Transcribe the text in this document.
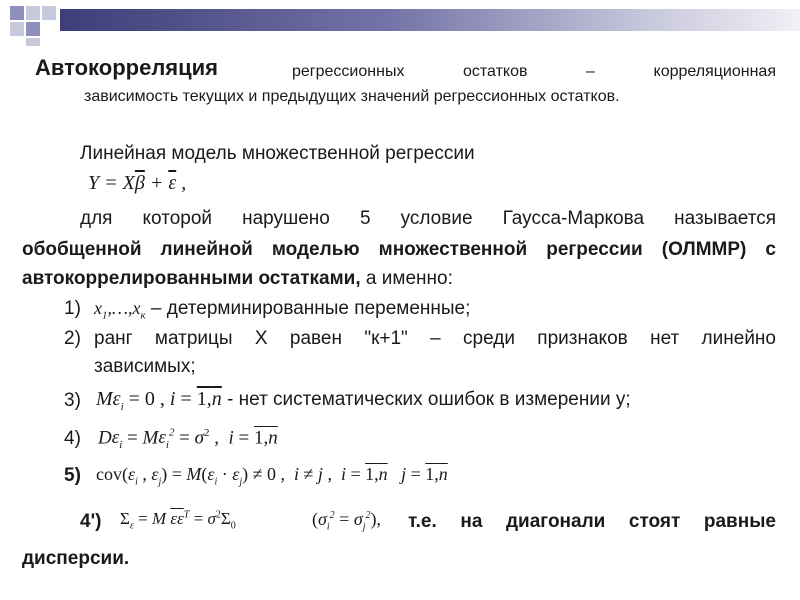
Автокорреляция	регрессионных остатков – корреляционная
зависимость текущих и предыдущих значений регрессионных остатков.
Линейная модель множественной регрессии
$Y = X\overline{\beta} + \overline{\varepsilon}$ ,
для которой нарушено 5 условие Гаусса-Маркова называется
обобщенной линейной моделью множественной регрессии (ОЛММР) с
автокоррелированными остатками, а именно:
1) $x_1,\dots,x_к$ – детерминированные переменные;
2) ранг матрицы X равен "к+1" – среди признаков нет линейно
зависимых;
3) $M\varepsilon_i = 0$ , i = 1,n - нет систематических ошибок в измерении y;
4) $D\varepsilon_i = M\varepsilon_i^2 = \sigma^2$ ,  i = 1,n
5) $cov(\varepsilon_i$ , $\varepsilon_j) = M(\varepsilon_i \cdot \varepsilon_j) \ne 0$ ,  i ≠ j ,  i = 1,n j = 1,n
4') $\Sigma_\varepsilon = M$ $\overline{\varepsilon}\overline{\varepsilon}^T = \sigma^2\Sigma_0$	$(\sigma_i^2 = \sigma_j^2)$, т.е. на диагонали стоят равные
дисперсии.
